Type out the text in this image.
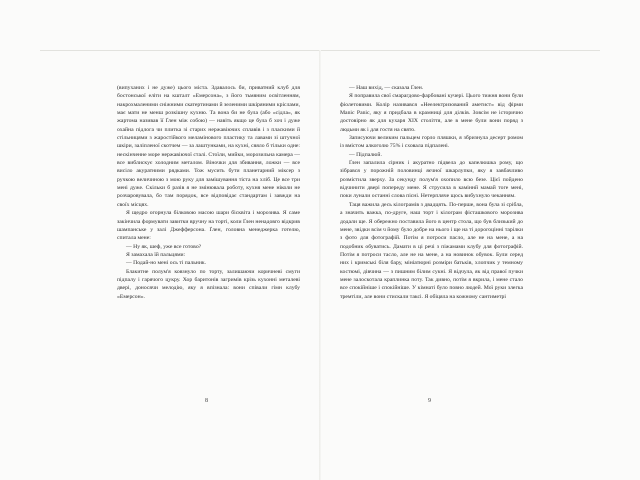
(випуханих і не дуже) цього міста. Здавалось би, приватний клуб для бостонської еліти на кшталт «Емерсона», з його тьмяним освітленням, накрохмаленими сніжними скатертинами й зеленими шкіряними кріслами, має мати не менш розкішну кухню. Та вона би не була (або «сідла», як жартома називав її Ґлен між собою) — навіть якщо це була б хоч і дуже охайна підлога чи плитка зі старих нержавіючих сплавів і з пласкими й стільницями з жаростійкого меламінового пластику та лавами зі штучної шкіри, заліпленої скотчем — за лаштунками, на кухні, сяяло б тільки одне: нескінченне море нержавіючої сталі. Стоїли, мийки, морозильна камера — все виблискує холодним металом. Віночки для збивання, ложки — все висіло акуратними рядками. Тож мусить бути планетарний міксер з ручкою величиною з мою руку для замішування тіста на хліб. Це все три мені дуже. Скільки б разів я не змінювала роботу, кухня мене ніколи не розчаровувала, бо там порядок, все відповідає стандартам і завжди на своїх місцях.

Я щедро огорнула білковою масою шари бісквіта і морозива. Я саме закінчила формувати завитки вручну на торті, коли Ґлен ненадовго відкрив шампанське у залі Джефферсона. Ґлен, головна менеджерка готелю, спитала мене:

— Ну як, шеф, уже все готово?

Я замахала їй пальцями:

— Подай-но мені ось ті пальник.

Блакитне полум'я ковзнуло по торту, залишаючи коричневі смуги підпалу і гарячого цукру. Хор баритонів загримів крізь кухонні металеві двері, доносячи мелодію, яку я впізнала: вони співали гімн клубу «Емерсон».

8

— Наш вихід, — сказала Ґлен.

Я поправила свої смарагдово-фарбовані кучері. Цього тижня вони були фіолетовими. Колір називався «Неелектризований аметист» від фірми Manic Panic, яку я придбала в крамниці для ділків. Зовсім не історично достовірно як для кухаря XIX століття, але в мене були вони поряд з людьми як і для гостя на свято.

Запиcуючи великим пальцем горло пляшки, я збризнула десерт ромом із вмістом алкоголю 75% і сховала підпалені.

— Підпалюй.

Ґлен запалила сірник і акуратно підвела до капелюшка рому, що зібрався у порожній половинці яєчної шкарлупки, яку я завбачливо розмістила зверху. За секунду полум'я охопило всю безе. Цієї пойдено відчинити двері попереду мене. Я струсила в каміннй мамай тоге мені, поки лунали останні слова пісні. Нетерпляче щось вибухнуло чеканням.

Таця важила десь кілограмів з двадцять. По-перше, вона була зі срібла, а значить важка, по-друге, наш торт і кілограм фісташкового морозива додали ще. Я обережно поставила його в центр стола, що був близький до мене, звідки всім ч йому було добре на нього і ще на ті дорогоцінні тарілки з фото для фотографій. Потім я потроси пасло, але не на мене, а на подобник обуватись. Дамати в ці речі з піжамами клубу для фотографій. Потім я потроси тасло, але не на мене, а на новинок обувок. Були серед них і кримські біля бару, мініатюрні розміри батьків, хлопчик у темному костюмі, дівчина — з пишним білим сукні. Я відчула, як від правої пучки мене залоскотала краплинка поту. Так дивно, потім я вкрила, і мене стало все спокійніше і спокійніше. У кімнаті було повно людей. Мої руки злегка тремтіли, але вони стискали таксі. Я обіцяла на кожному сантиметрі

9
